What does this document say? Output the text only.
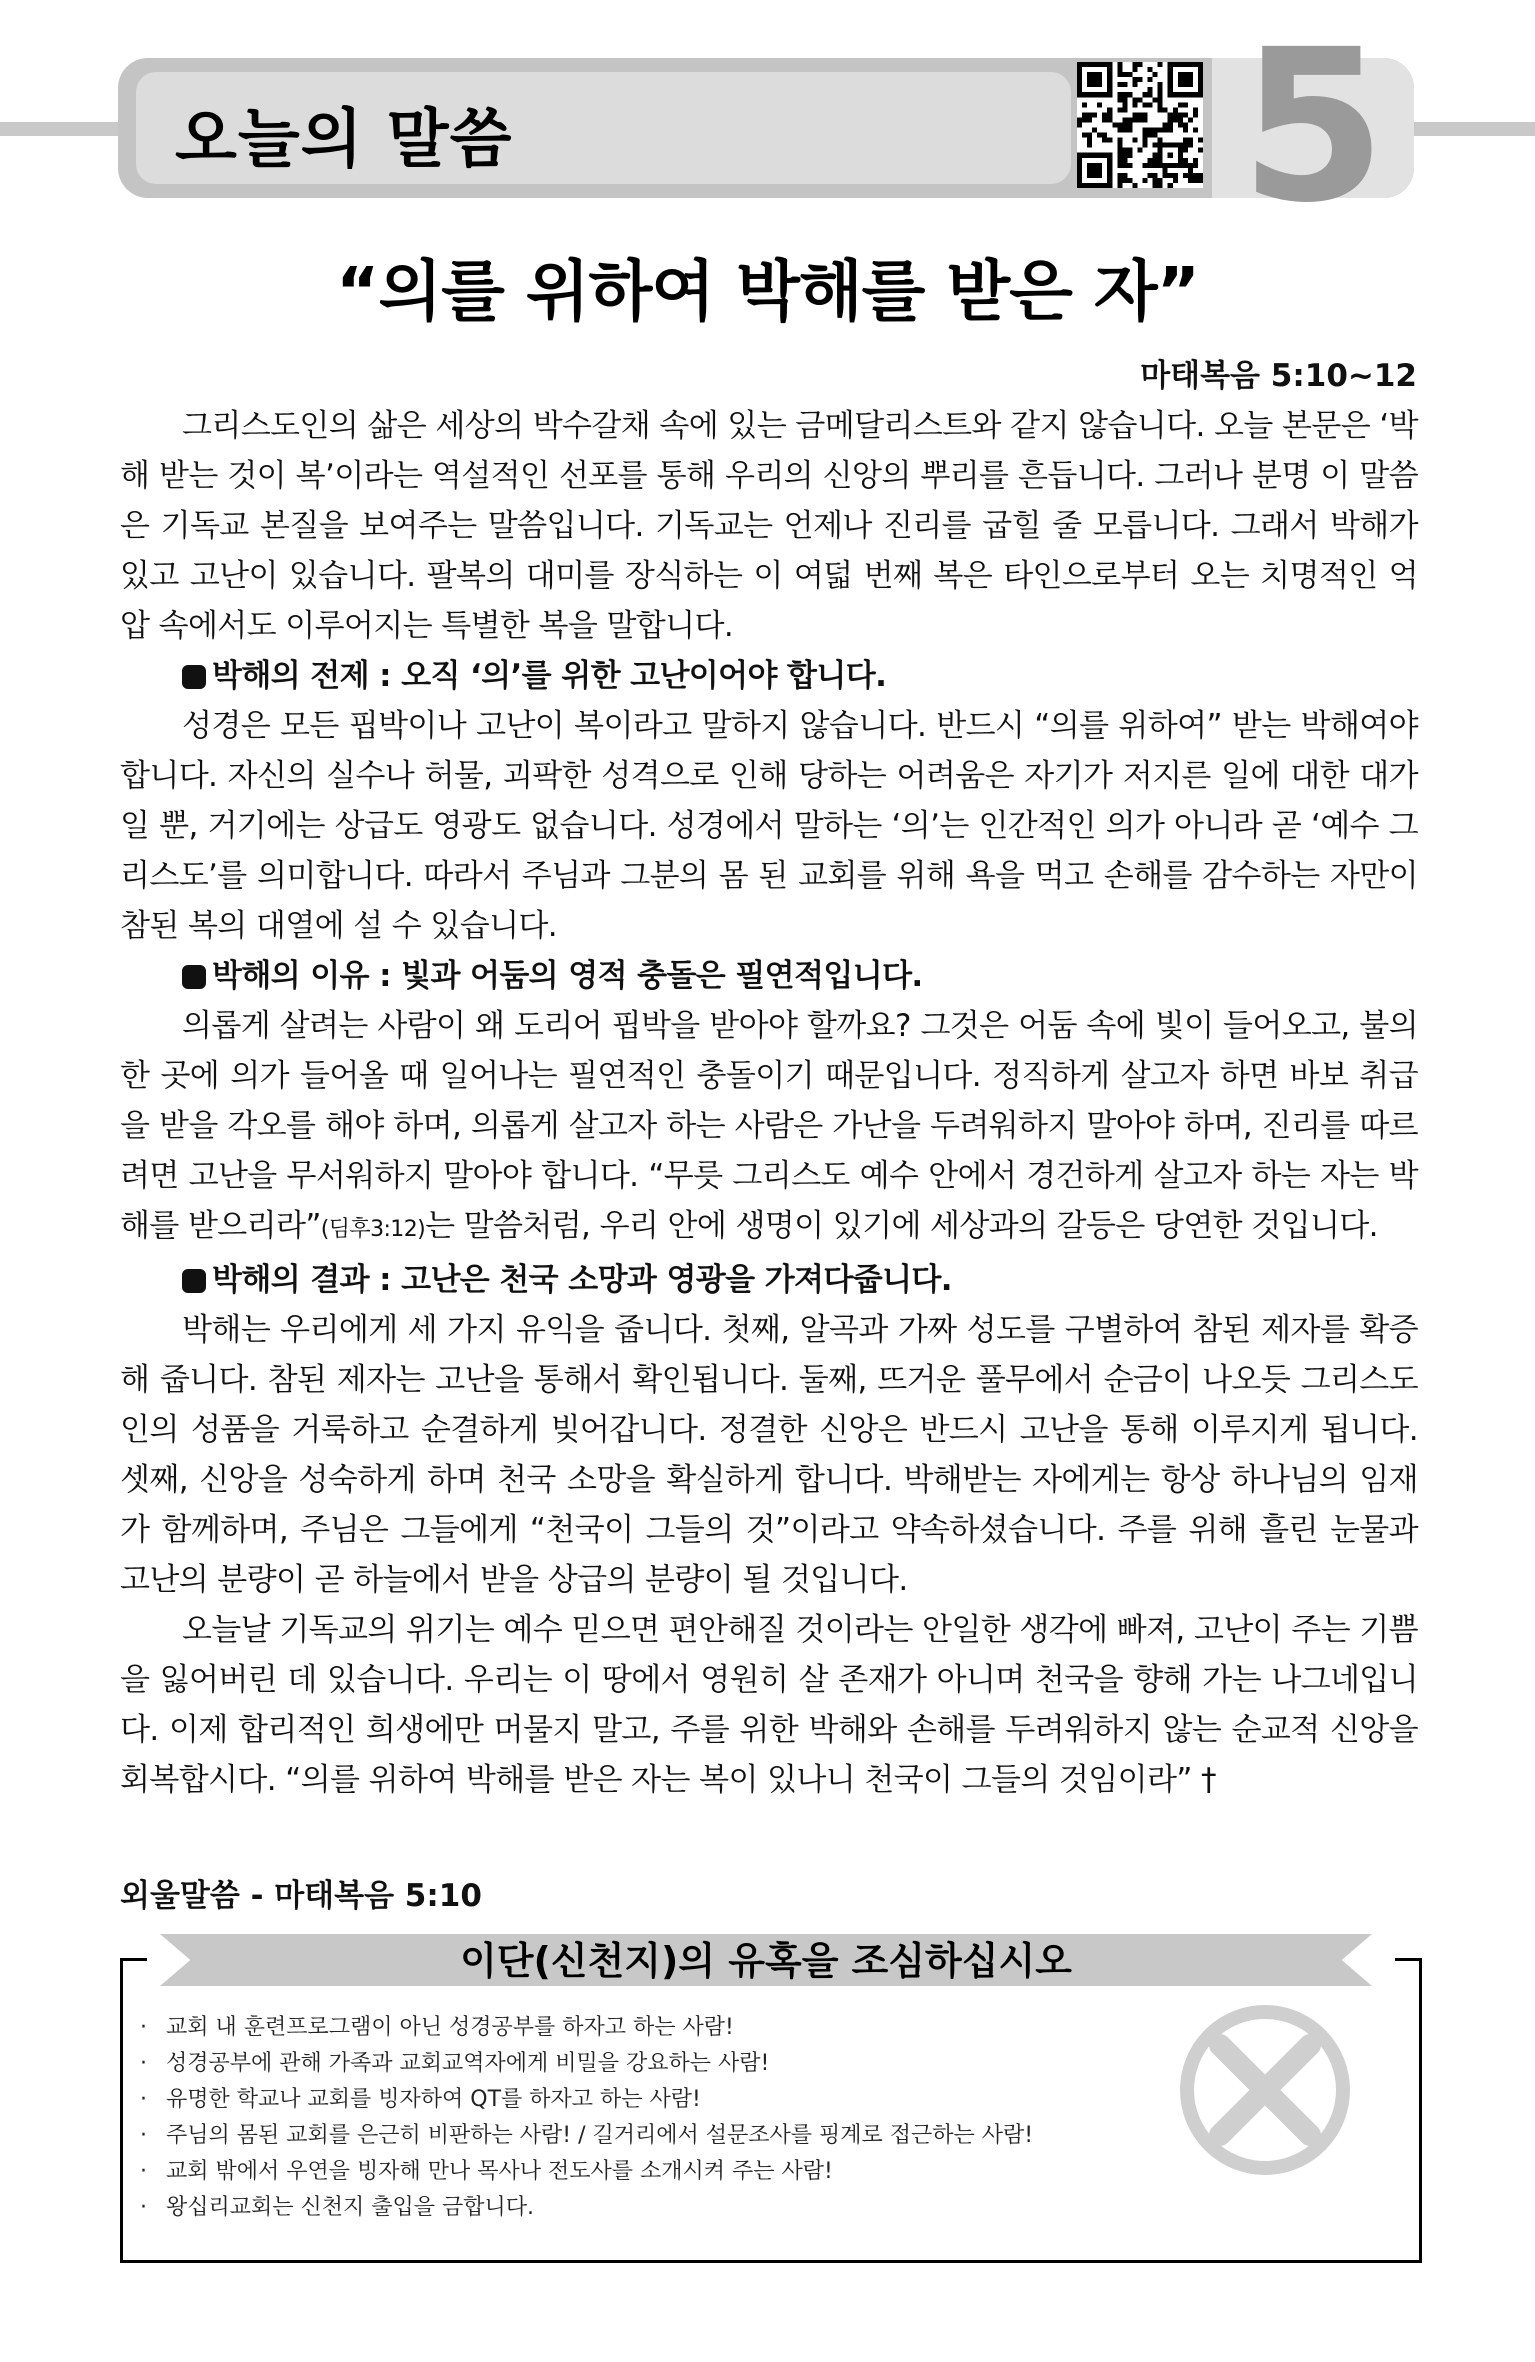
오늘의 말씀	5
“의를 위하여 박해를 받은 자”
마태복음 5:10~12

그리스도인의 삶은 세상의 박수갈채 속에 있는 금메달리스트와 같지 않습니다. 오늘 본문은 ‘박해 받는 것이 복’이라는 역설적인 선포를 통해 우리의 신앙의 뿌리를 흔듭니다. 그러나 분명 이 말씀은 기독교 본질을 보여주는 말씀입니다. 기독교는 언제나 진리를 굽힐 줄 모릅니다. 그래서 박해가 있고 고난이 있습니다. 팔복의 대미를 장식하는 이 여덟 번째 복은 타인으로부터 오는 치명적인 억압 속에서도 이루어지는 특별한 복을 말합니다.

박해의 전제 : 오직 ‘의’를 위한 고난이어야 합니다.

성경은 모든 핍박이나 고난이 복이라고 말하지 않습니다. 반드시 “의를 위하여” 받는 박해여야 합니다. 자신의 실수나 허물, 괴팍한 성격으로 인해 당하는 어려움은 자기가 저지른 일에 대한 대가일 뿐, 거기에는 상급도 영광도 없습니다. 성경에서 말하는 ‘의’는 인간적인 의가 아니라 곧 ‘예수 그리스도’를 의미합니다. 따라서 주님과 그분의 몸 된 교회를 위해 욕을 먹고 손해를 감수하는 자만이 참된 복의 대열에 설 수 있습니다.

박해의 이유 : 빛과 어둠의 영적 충돌은 필연적입니다.

의롭게 살려는 사람이 왜 도리어 핍박을 받아야 할까요? 그것은 어둠 속에 빛이 들어오고, 불의한 곳에 의가 들어올 때 일어나는 필연적인 충돌이기 때문입니다. 정직하게 살고자 하면 바보 취급을 받을 각오를 해야 하며, 의롭게 살고자 하는 사람은 가난을 두려워하지 말아야 하며, 진리를 따르려면 고난을 무서워하지 말아야 합니다. “무릇 그리스도 예수 안에서 경건하게 살고자 하는 자는 박해를 받으리라”(딤후3:12)는 말씀처럼, 우리 안에 생명이 있기에 세상과의 갈등은 당연한 것입니다.

박해의 결과 : 고난은 천국 소망과 영광을 가져다줍니다.

박해는 우리에게 세 가지 유익을 줍니다. 첫째, 알곡과 가짜 성도를 구별하여 참된 제자를 확증해 줍니다. 참된 제자는 고난을 통해서 확인됩니다. 둘째, 뜨거운 풀무에서 순금이 나오듯 그리스도인의 성품을 거룩하고 순결하게 빚어갑니다. 정결한 신앙은 반드시 고난을 통해 이루지게 됩니다. 셋째, 신앙을 성숙하게 하며 천국 소망을 확실하게 합니다. 박해받는 자에게는 항상 하나님의 임재가 함께하며, 주님은 그들에게 “천국이 그들의 것”이라고 약속하셨습니다. 주를 위해 흘린 눈물과 고난의 분량이 곧 하늘에서 받을 상급의 분량이 될 것입니다.

오늘날 기독교의 위기는 예수 믿으면 편안해질 것이라는 안일한 생각에 빠져, 고난이 주는 기쁨을 잃어버린 데 있습니다. 우리는 이 땅에서 영원히 살 존재가 아니며 천국을 향해 가는 나그네입니다. 이제 합리적인 희생에만 머물지 말고, 주를 위한 박해와 손해를 두려워하지 않는 순교적 신앙을 회복합시다. “의를 위하여 박해를 받은 자는 복이 있나니 천국이 그들의 것임이라” †

외울말씀 - 마태복음 5:10
이단(신천지)의 유혹을 조심하십시오
· 교회 내 훈련프로그램이 아닌 성경공부를 하자고 하는 사람!
· 성경공부에 관해 가족과 교회교역자에게 비밀을 강요하는 사람!
· 유명한 학교나 교회를 빙자하여 QT를 하자고 하는 사람!
· 주님의 몸된 교회를 은근히 비판하는 사람! / 길거리에서 설문조사를 핑계로 접근하는 사람!
· 교회 밖에서 우연을 빙자해 만나 목사나 전도사를 소개시켜 주는 사람!
· 왕십리교회는 신천지 출입을 금합니다.
